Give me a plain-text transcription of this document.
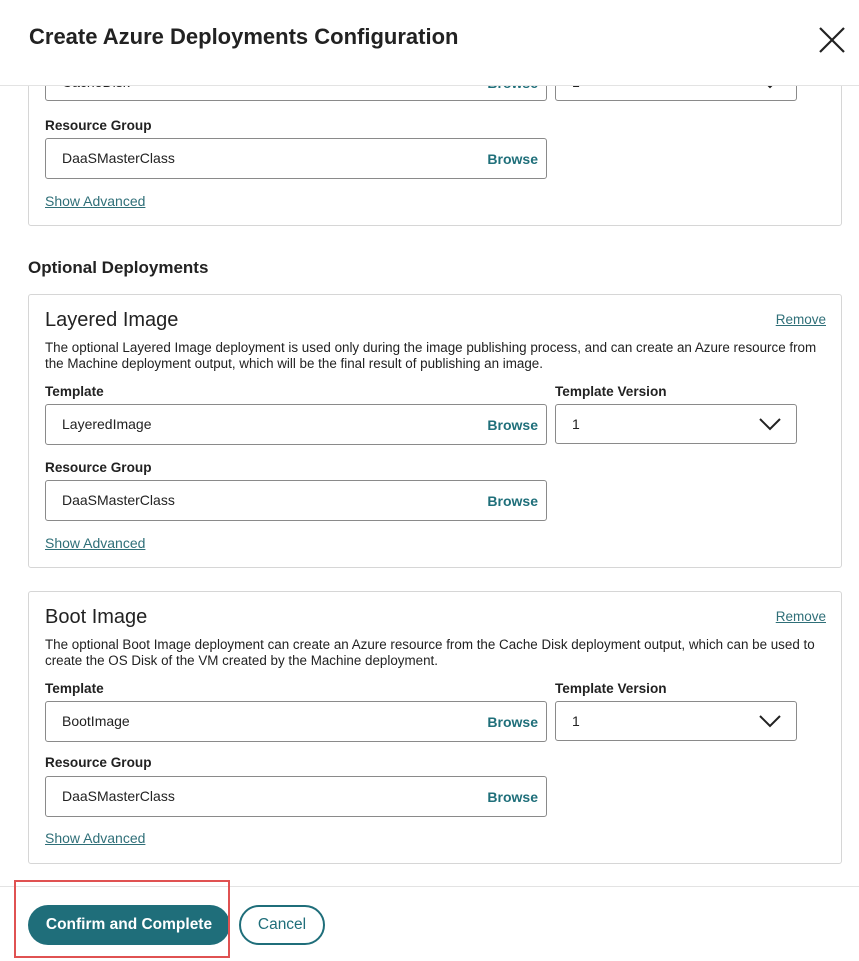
Resource Group
DaaSMasterClass	Browse
Show Advanced
Optional Deployments
Layered Image	Remove
The optional Layered Image deployment is used only during the image publishing process, and can create an Azure resource from the Machine deployment output, which will be the final result of publishing an image.
Template	Template Version
LayeredImage	Browse 1
Resource Group
DaaSMasterClass	Browse
Show Advanced
Boot Image	Remove
The optional Boot Image deployment can create an Azure resource from the Cache Disk deployment output, which can be used to create the OS Disk of the VM created by the Machine deployment.
Template	Template Version
BootImage	Browse 1
Resource Group
DaaSMasterClass	Browse
Show Advanced
Create Azure Deployments Configuration
Confirm and Complete	Cancel
